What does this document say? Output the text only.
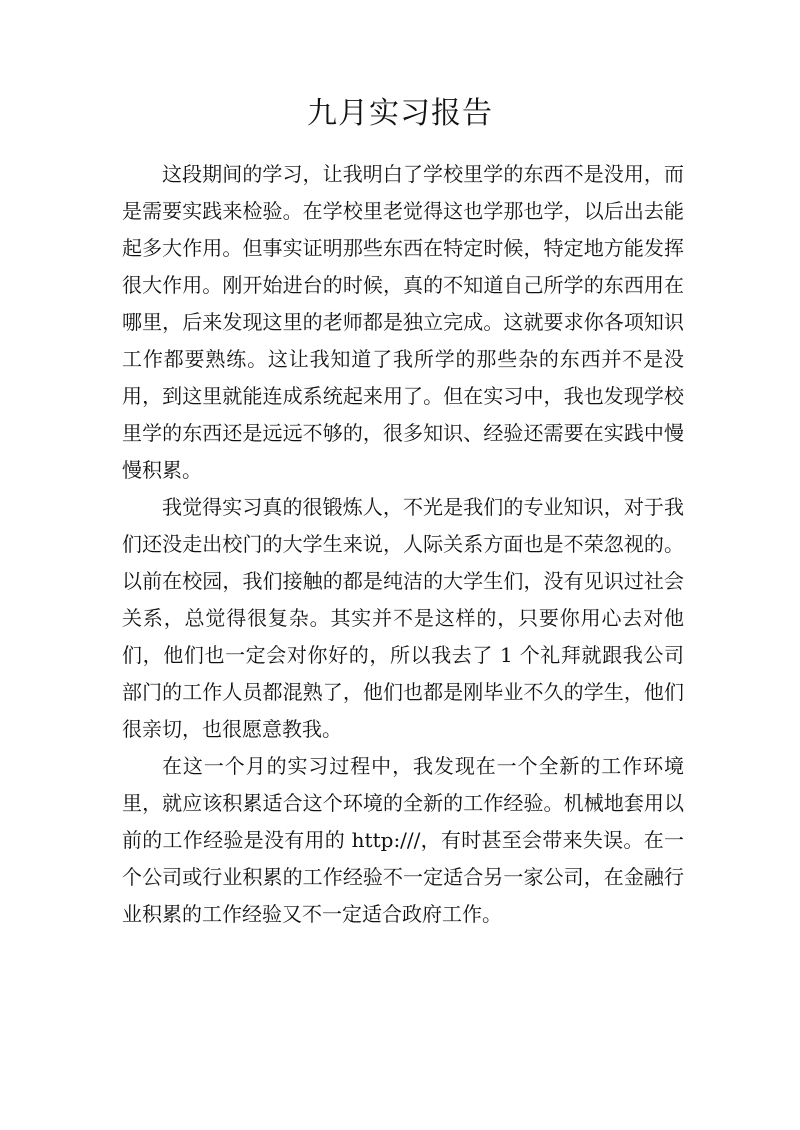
九月实习报告

这段期间的学习，让我明白了学校里学的东西不是没用，而是需要实践来检验。在学校里老觉得这也学那也学，以后出去能起多大作用。但事实证明那些东西在特定时候，特定地方能发挥很大作用。刚开始进台的时候，真的不知道自己所学的东西用在哪里，后来发现这里的老师都是独立完成。这就要求你各项知识工作都要熟练。这让我知道了我所学的那些杂的东西并不是没用，到这里就能连成系统起来用了。但在实习中，我也发现学校里学的东西还是远远不够的，很多知识、经验还需要在实践中慢慢积累。

我觉得实习真的很锻炼人，不光是我们的专业知识，对于我们还没走出校门的大学生来说，人际关系方面也是不荣忽视的。以前在校园，我们接触的都是纯洁的大学生们，没有见识过社会关系，总觉得很复杂。其实并不是这样的，只要你用心去对他们，他们也一定会对你好的，所以我去了 1 个礼拜就跟我公司部门的工作人员都混熟了，他们也都是刚毕业不久的学生，他们很亲切，也很愿意教我。

在这一个月的实习过程中，我发现在一个全新的工作环境里，就应该积累适合这个环境的全新的工作经验。机械地套用以前的工作经验是没有用的 http:///，有时甚至会带来失误。在一个公司或行业积累的工作经验不一定适合另一家公司，在金融行业积累的工作经验又不一定适合政府工作。
